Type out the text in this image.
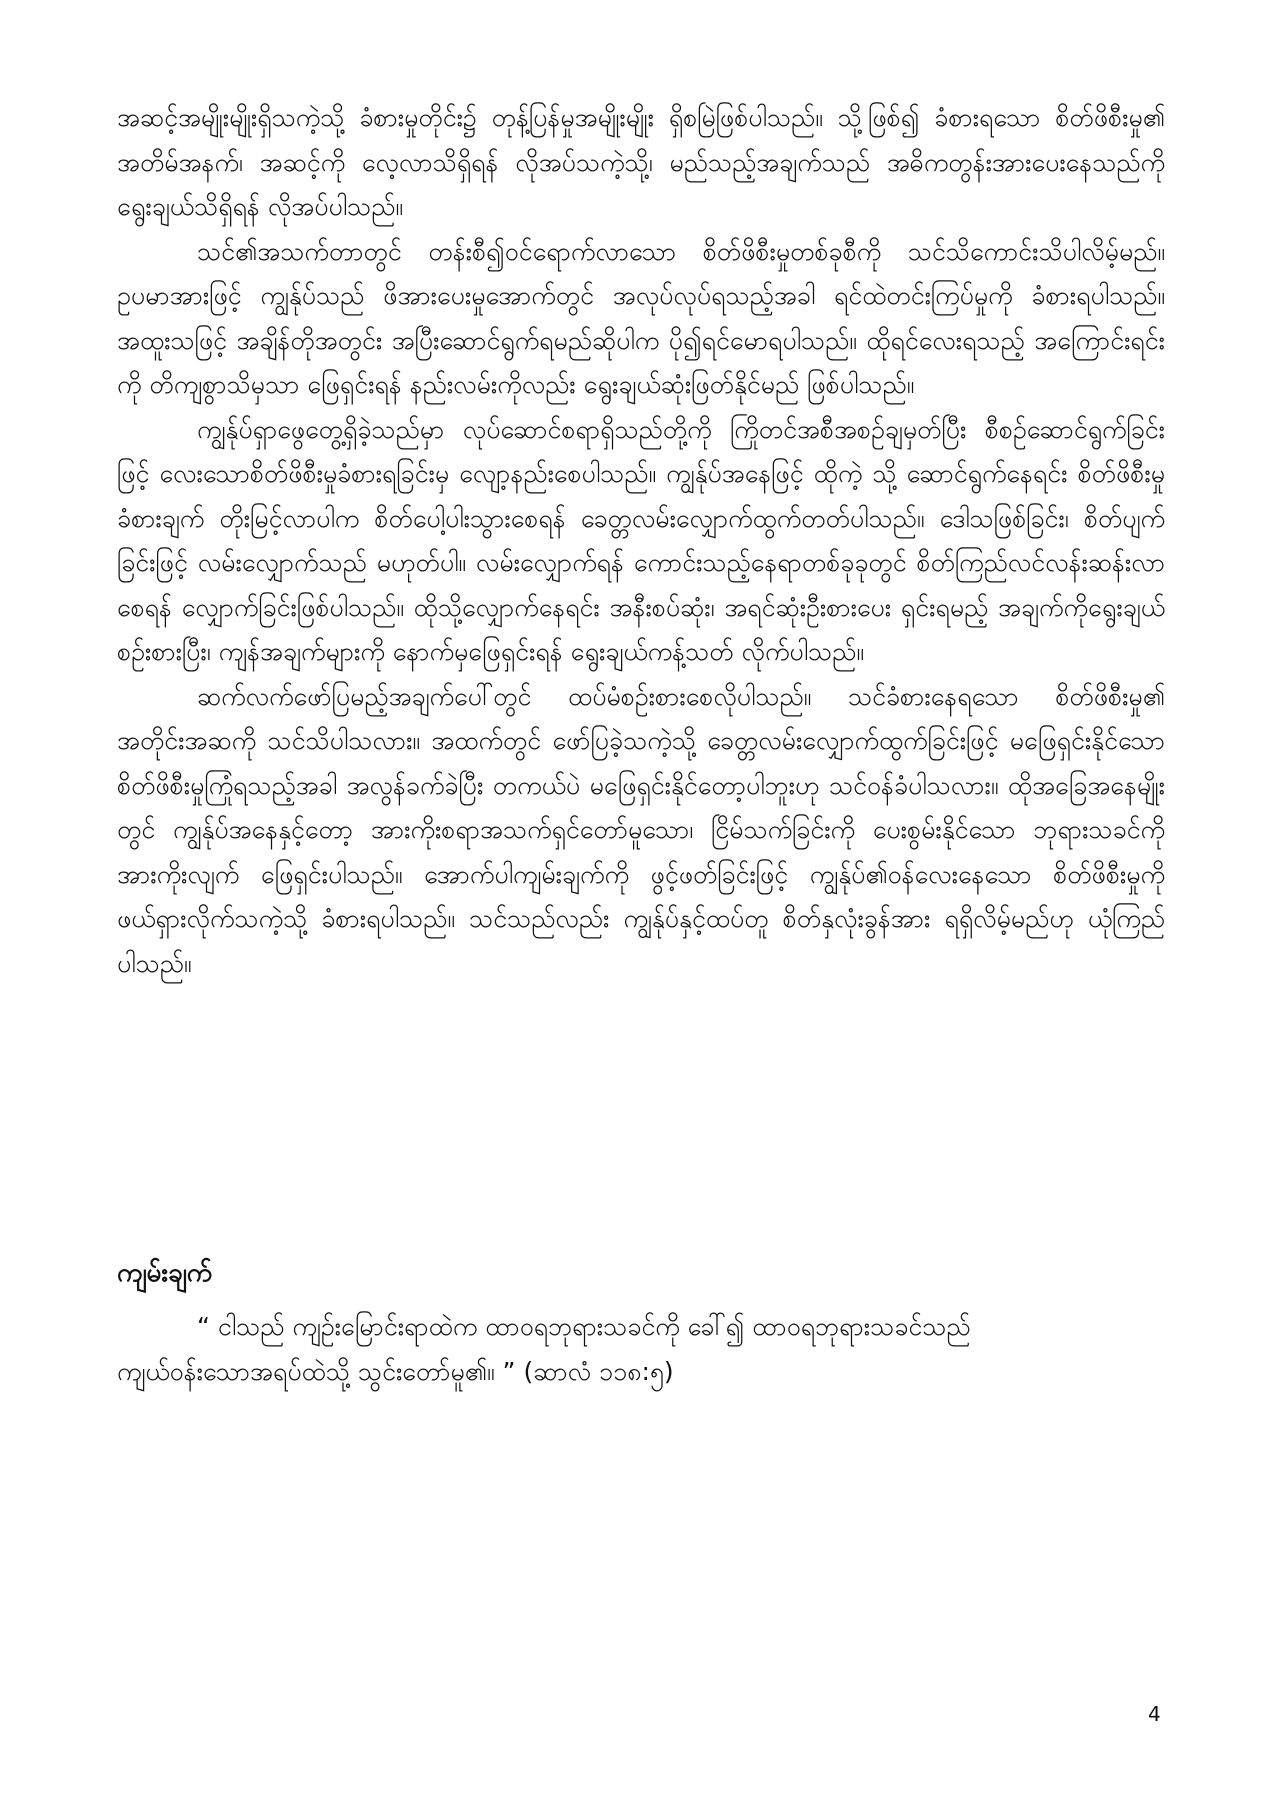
အဆင့်အမျိုးမျိုးရှိသကဲ့သို့ ခံစားမှုတိုင်း၌ တုန့်ပြန်မှုအမျိုးမျိုး ရှိစမြဲဖြစ်ပါသည်။ သို့ဖြစ်၍ ခံစားရသော စိတ်ဖိစီးမှု၏ အတိမ်အနက်၊ အဆင့်ကို လေ့လာသိရှိရန် လိုအပ်သကဲ့သို့၊ မည်သည့်အချက်သည် အဓိကတွန်းအားပေးနေသည်ကို ရွေးချယ်သိရှိရန် လိုအပ်ပါသည်။

သင်၏အသက်တာတွင် တန်းစီ၍ဝင်ရောက်လာသော စိတ်ဖိစီးမှုတစ်ခုစီကို သင်သိကောင်းသိပါလိမ့်မည်။ ဥပမာအားဖြင့် ကျွန်ုပ်သည် ဖိအားပေးမှုအောက်တွင် အလုပ်လုပ်ရသည့်အခါ ရင်ထဲတင်းကြပ်မှုကို ခံစားရပါသည်။ အထူးသဖြင့် အချိန်တိုအတွင်း အပြီးဆောင်ရွက်ရမည်ဆိုပါက ပို၍ရင်မောရပါသည်။ ထိုရင်လေးရသည့် အကြောင်းရင်းကို တိကျစွာသိမှသာ ဖြေရှင်းရန် နည်းလမ်းကိုလည်း ရွေးချယ်ဆုံးဖြတ်နိုင်မည် ဖြစ်ပါသည်။

ကျွန်ုပ်ရှာဖွေတွေ့ရှိခဲ့သည်မှာ လုပ်ဆောင်စရာရှိသည်တို့ကို ကြိုတင်အစီအစဉ်ချမှတ်ပြီး စီစဉ်ဆောင်ရွက်ခြင်းဖြင့် လေးသောစိတ်ဖိစီးမှုခံစားရခြင်းမှ လျော့နည်းစေပါသည်။ ကျွန်ုပ်အနေဖြင့် ထိုကဲ့ သို့ ဆောင်ရွက်နေရင်း စိတ်ဖိစီးမှုခံစားချက် တိုးမြင့်လာပါက စိတ်ပေါ့ပါးသွားစေရန် ခေတ္တလမ်းလျှောက်ထွက်တတ်ပါသည်။ ဒေါသဖြစ်ခြင်း၊ စိတ်ပျက်ခြင်းဖြင့် လမ်းလျှောက်သည် မဟုတ်ပါ။ လမ်းလျှောက်ရန် ကောင်းသည့်နေရာတစ်ခုခုတွင် စိတ်ကြည်လင်လန်းဆန်းလာစေရန် လျှောက်ခြင်းဖြစ်ပါသည်။ ထိုသို့လျှောက်နေရင်း အနီးစပ်ဆုံး၊ အရင်ဆုံးဦးစားပေး ရှင်းရမည့် အချက်ကိုရွေးချယ်စဉ်းစားပြီး၊ ကျန်အချက်များကို နောက်မှဖြေရှင်းရန် ရွေးချယ်ကန့်သတ် လိုက်ပါသည်။

ဆက်လက်ဖော်ပြမည့်အချက်ပေါ်တွင် ထပ်မံစဉ်းစားစေလိုပါသည်။ သင်ခံစားနေရသော စိတ်ဖိစီးမှု၏ အတိုင်းအဆကို သင်သိပါသလား။ အထက်တွင် ဖော်ပြခဲ့သကဲ့သို့ ခေတ္တလမ်းလျှောက်ထွက်ခြင်းဖြင့် မဖြေရှင်းနိုင်သော စိတ်ဖိစီးမှုကြုံရသည့်အခါ အလွန်ခက်ခဲပြီး တကယ်ပဲ မဖြေရှင်းနိုင်တော့ပါဘူးဟု သင်ဝန်ခံပါသလား။ ထိုအခြေအနေမျိုးတွင် ကျွန်ုပ်အနေနှင့်တော့ အားကိုးစရာအသက်ရှင်တော်မူသော၊ ငြိမ်သက်ခြင်းကို ပေးစွမ်းနိုင်သော ဘုရားသခင်ကို အားကိုးလျက် ဖြေရှင်းပါသည်။ အောက်ပါကျမ်းချက်ကို ဖွင့်ဖတ်ခြင်းဖြင့် ကျွန်ုပ်၏ဝန်လေးနေသော စိတ်ဖိစီးမှုကို ဖယ်ရှားလိုက်သကဲ့သို့ ခံစားရပါသည်။ သင်သည်လည်း ကျွန်ုပ်နှင့်ထပ်တူ စိတ်နှလုံးခွန်အား ရရှိလိမ့်မည်ဟု ယုံကြည်ပါသည်။

ကျမ်းချက်
“ ငါသည် ကျဉ်းမြောင်းရာထဲက ထာဝရဘုရားသခင်ကို ခေါ်၍ ထာဝရဘုရားသခင်သည်
ကျယ်ဝန်းသောအရပ်ထဲသို့ သွင်းတော်မူ၏။ ” (ဆာလံ ၁၁၈:၅)

4
